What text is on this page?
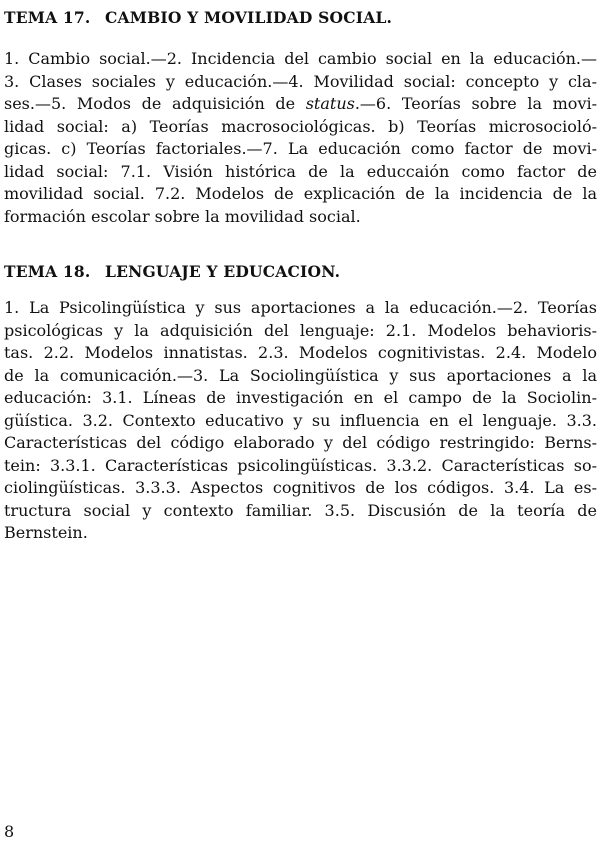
TEMA 17. CAMBIO Y MOVILIDAD SOCIAL.
1. Cambio social.—2. Incidencia del cambio social en la educación.—
3. Clases sociales y educación.—4. Movilidad social: concepto y cla-
ses.—5. Modos de adquisición de status.—6. Teorías sobre la movi-
lidad social: a) Teorías macrosociológicas. b) Teorías microsocioló-
gicas. c) Teorías factoriales.—7. La educación como factor de movi-
lidad social: 7.1. Visión histórica de la educcaión como factor de
movilidad social. 7.2. Modelos de explicación de la incidencia de la
formación escolar sobre la movilidad social.
TEMA 18. LENGUAJE Y EDUCACION.
1. La Psicolingüística y sus aportaciones a la educación.—2. Teorías
psicológicas y la adquisición del lenguaje: 2.1. Modelos behavioris-
tas. 2.2. Modelos innatistas. 2.3. Modelos cognitivistas. 2.4. Modelo
de la comunicación.—3. La Sociolingüística y sus aportaciones a la
educación: 3.1. Líneas de investigación en el campo de la Sociolin-
güística. 3.2. Contexto educativo y su influencia en el lenguaje. 3.3.
Características del código elaborado y del código restringido: Berns-
tein: 3.3.1. Características psicolingüísticas. 3.3.2. Características so-
ciolingüísticas. 3.3.3. Aspectos cognitivos de los códigos. 3.4. La es-
tructura social y contexto familiar. 3.5. Discusión de la teoría de
Bernstein.

8
